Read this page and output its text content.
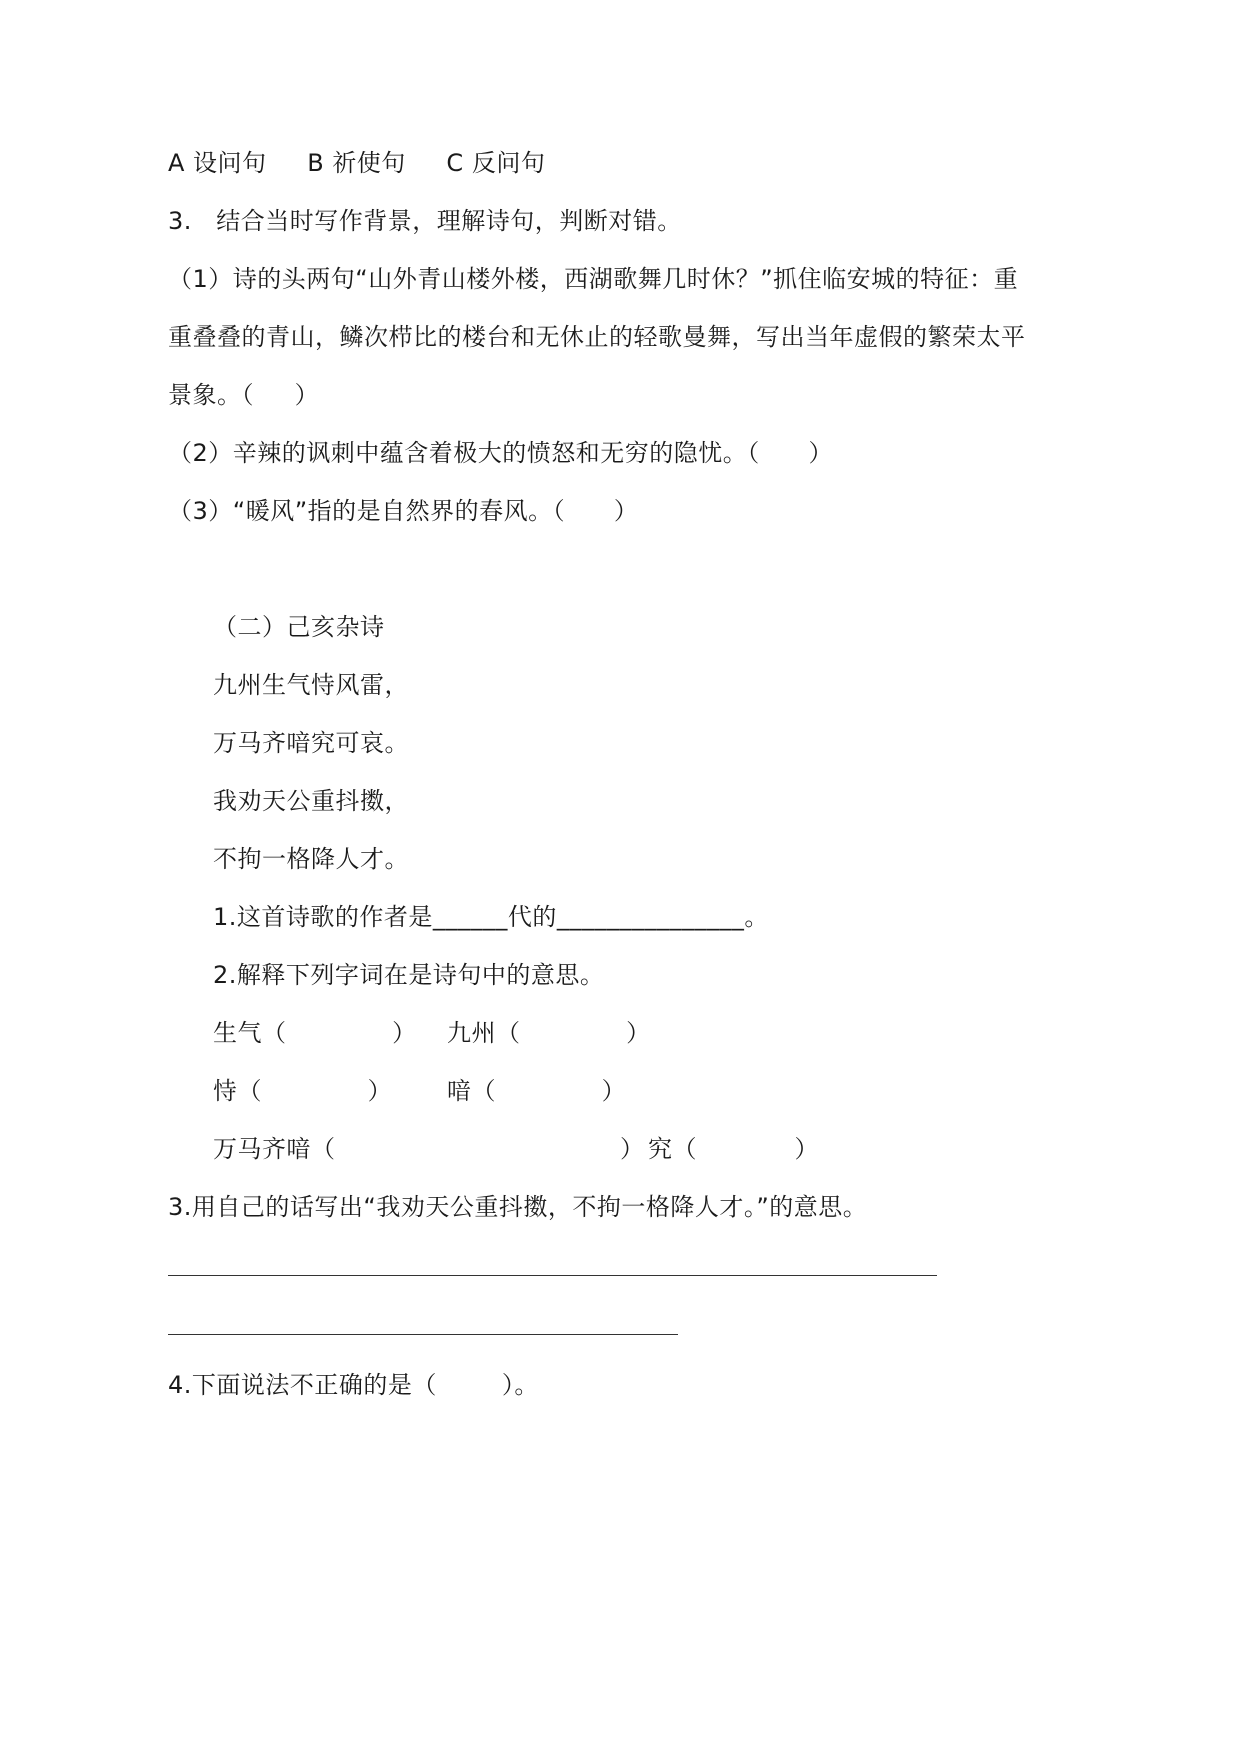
A 设问句     B 祈使句     C 反问句
3.   结合当时写作背景，理解诗句，判断对错。
（1）诗的头两句“山外青山楼外楼，西湖歌舞几时休？”抓住临安城的特征：重
重叠叠的青山，鳞次栉比的楼台和无休止的轻歌曼舞，写出当年虚假的繁荣太平
景象。（     ）
（2）辛辣的讽刺中蕴含着极大的愤怒和无穷的隐忧。（      ）
（3）“暖风”指的是自然界的春风。（      ）
（二）己亥杂诗
九州生气恃风雷，
万马齐喑究可哀。
我劝天公重抖擞，
不拘一格降人才。
1.这首诗歌的作者是______代的_______________。
2.解释下列字词在是诗句中的意思。
生气（             ） 九州（             ）
恃（             ） 喑（             ）
万马齐喑（                                   ） 究（            ）
3.用自己的话写出“我劝天公重抖擞，不拘一格降人才。”的意思。
4.下面说法不正确的是（        ）。
